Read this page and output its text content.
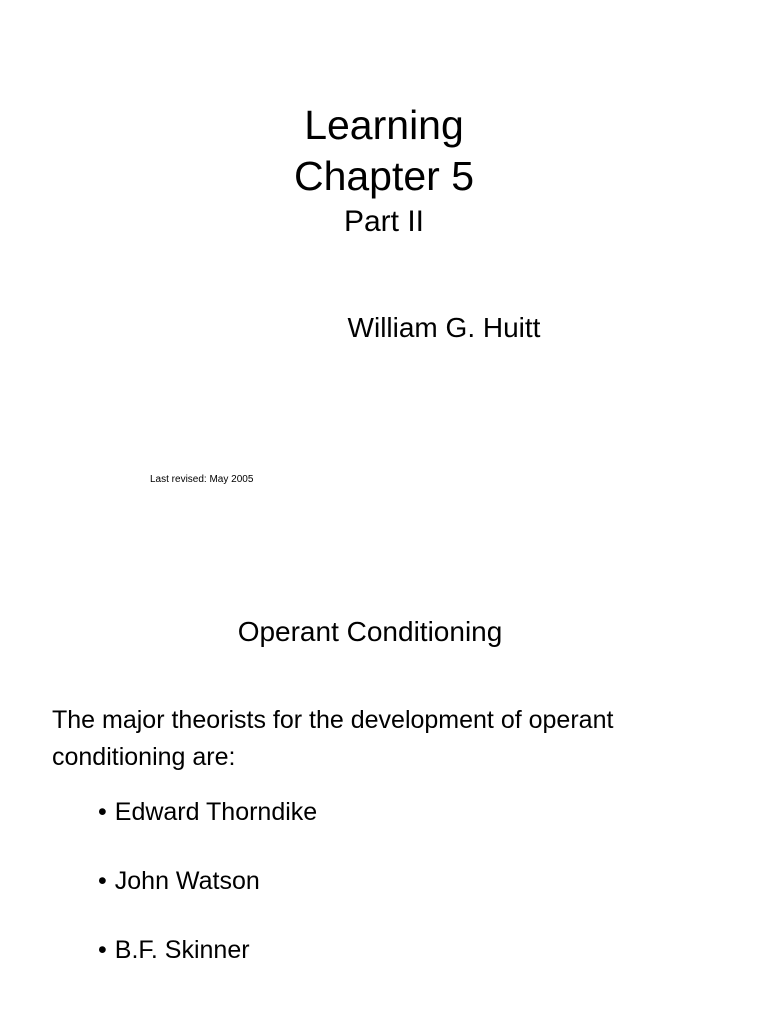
Learning
Chapter 5
Part II
William G. Huitt
Last revised: May 2005
Operant Conditioning
The major theorists for the development of operant conditioning are:
• Edward Thorndike
• John Watson
• B.F. Skinner
